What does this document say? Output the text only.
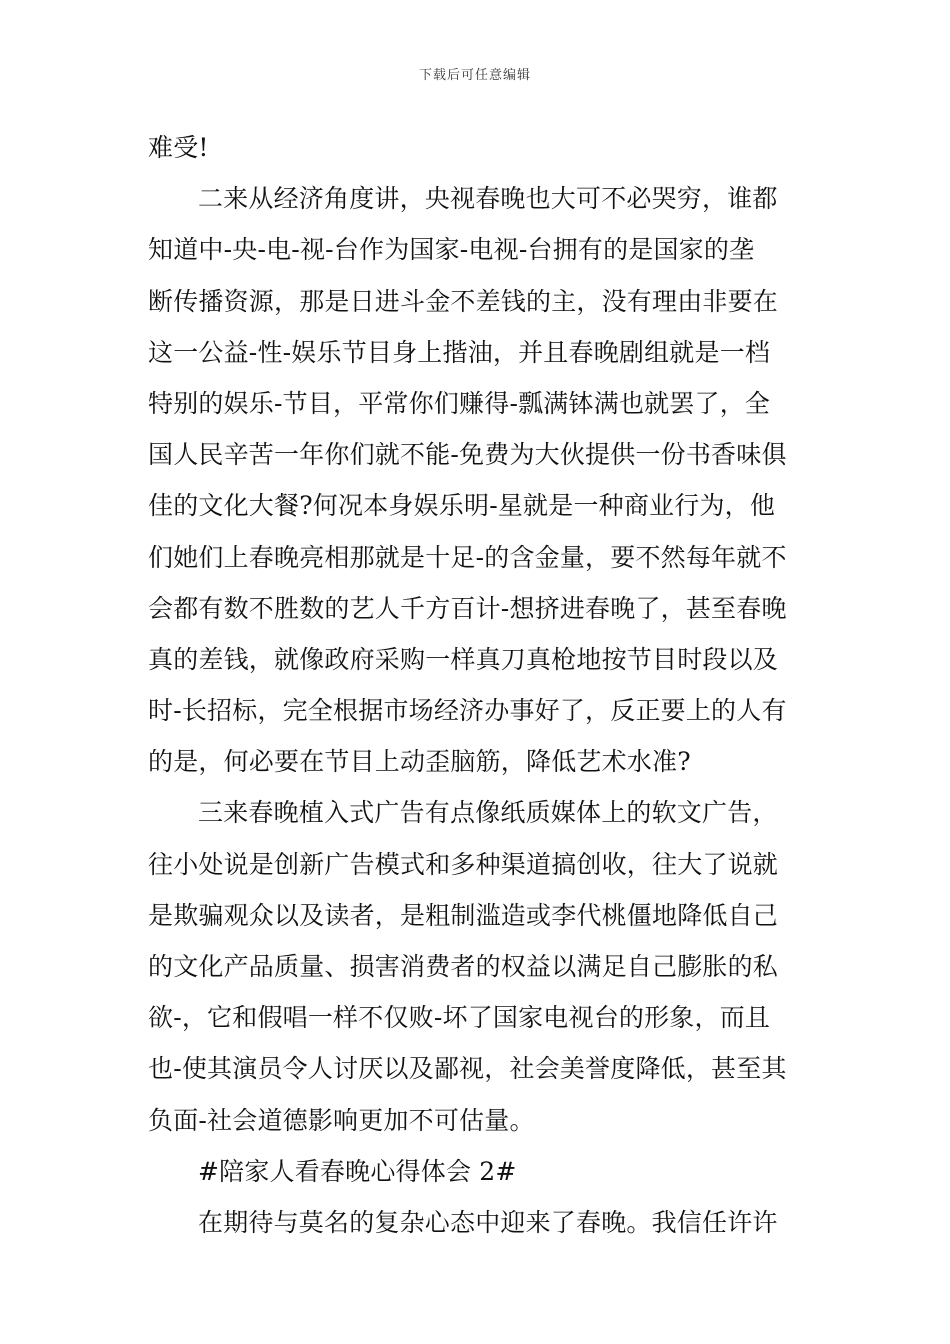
下载后可任意编辑
难受!
二来从经济角度讲，央视春晚也大可不必哭穷，谁都
知道中-央-电-视-台作为国家-电视-台拥有的是国家的垄
断传播资源，那是日进斗金不差钱的主，没有理由非要在
这一公益-性-娱乐节目身上揩油，并且春晚剧组就是一档
特别的娱乐-节目，平常你们赚得-瓢满钵满也就罢了，全
国人民辛苦一年你们就不能-免费为大伙提供一份书香味俱
佳的文化大餐?何况本身娱乐明-星就是一种商业行为，他
们她们上春晚亮相那就是十足-的含金量，要不然每年就不
会都有数不胜数的艺人千方百计-想挤进春晚了，甚至春晚
真的差钱，就像政府采购一样真刀真枪地按节目时段以及
时-长招标，完全根据市场经济办事好了，反正要上的人有
的是，何必要在节目上动歪脑筋，降低艺术水准?
三来春晚植入式广告有点像纸质媒体上的软文广告，
往小处说是创新广告模式和多种渠道搞创收，往大了说就
是欺骗观众以及读者，是粗制滥造或李代桃僵地降低自己
的文化产品质量、损害消费者的权益以满足自己膨胀的私
欲-，它和假唱一样不仅败-坏了国家电视台的形象，而且
也-使其演员令人讨厌以及鄙视，社会美誉度降低，甚至其
负面-社会道德影响更加不可估量。
#陪家人看春晚心得体会 2#
在期待与莫名的复杂心态中迎来了春晚。我信任许许
